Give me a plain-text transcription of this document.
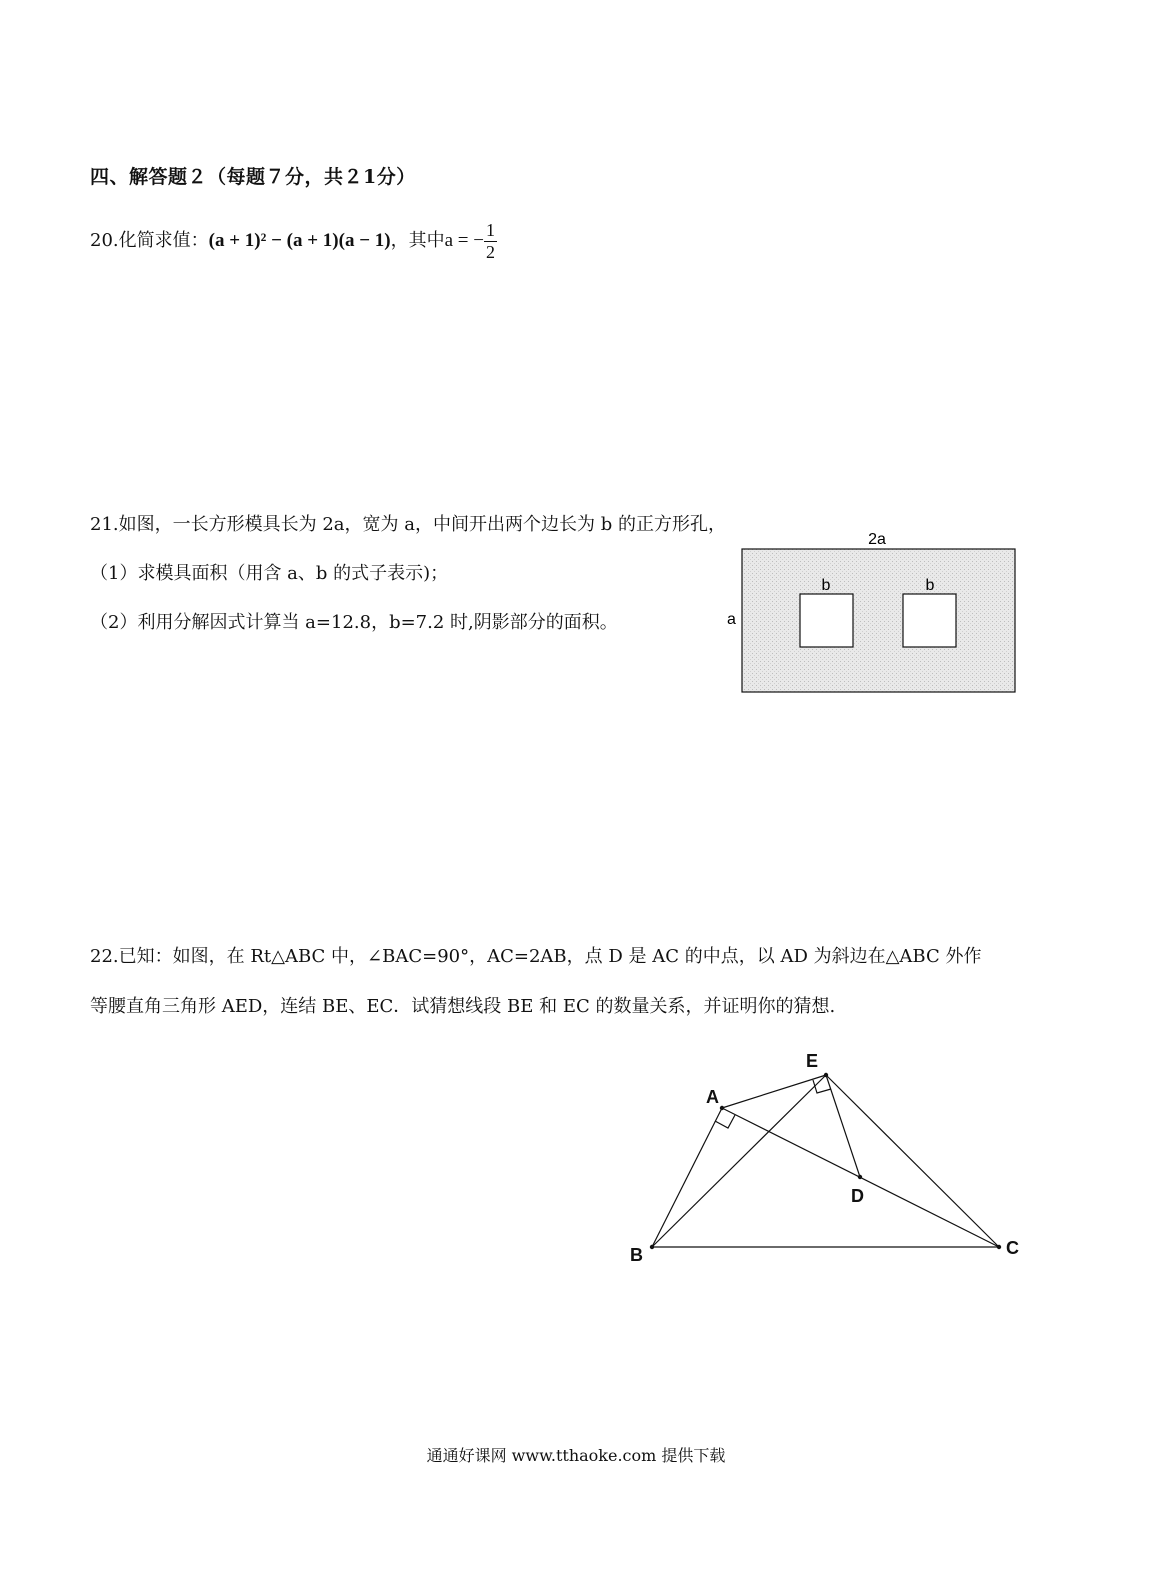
四、解答题２（每题７分，共２1分）
20.化简求值：(a + 1)² − (a + 1)(a − 1)，其中a = − $\frac{1}{2}$
21.如图，一长方形模具长为 2a，宽为 a，中间开出两个边长为 b 的正方形孔，
（1）求模具面积（用含 a、b 的式子表示)；
（2）利用分解因式计算当 a=12.8，b=7.2 时,阴影部分的面积。
2a
a
b	b
22.已知：如图，在 Rt△ABC 中，∠BAC=90°，AC=2AB，点 D 是 AC 的中点，以 AD 为斜边在△ABC 外作
等腰直角三角形 AED，连结 BE、EC．试猜想线段 BE 和 EC 的数量关系，并证明你的猜想.
A
B	C
D
E
通通好课网 www.tthaoke.com 提供下载
